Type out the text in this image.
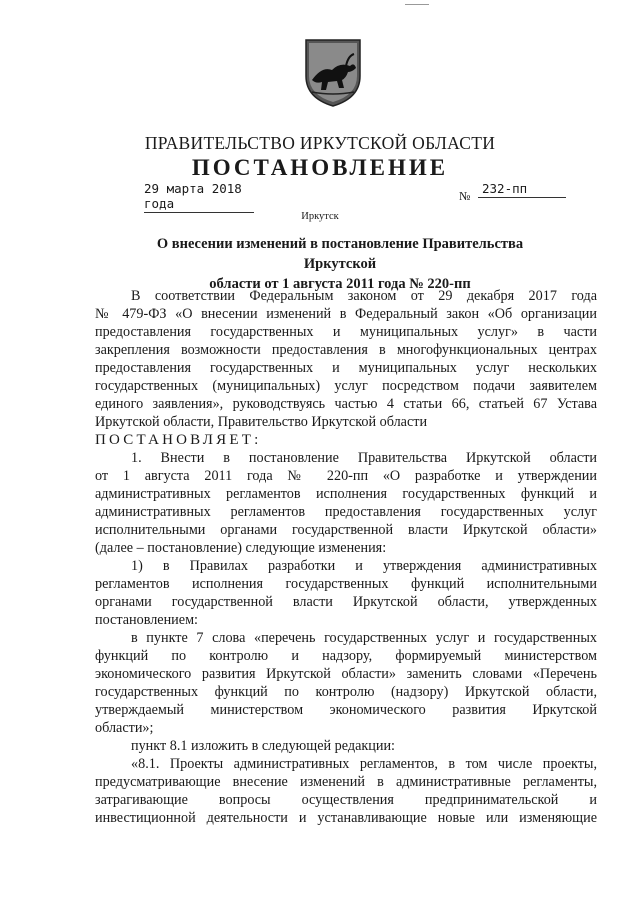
ПРАВИТЕЛЬСТВО ИРКУТСКОЙ ОБЛАСТИ
ПОСТАНОВЛЕНИЕ
29 марта 2018 года	№ 232-пп
Иркутск
О внесении изменений в постановление Правительства Иркутской
области от 1 августа 2011 года № 220-пп
В соответствии Федеральным законом от 29 декабря 2017 года
№ 479-ФЗ «О внесении изменений в Федеральный закон «Об организации
предоставления государственных и муниципальных услуг» в части
закрепления возможности предоставления в многофункциональных центрах
предоставления государственных и муниципальных услуг нескольких
государственных (муниципальных) услуг посредством подачи заявителем
единого заявления», руководствуясь частью 4 статьи 66, статьей 67 Устава
Иркутской области, Правительство Иркутской области
ПОСТАНОВЛЯЕТ:
1. Внести в постановление Правительства Иркутской области
от 1 августа 2011 года № 220-пп «О разработке и утверждении
административных регламентов исполнения государственных функций и
административных регламентов предоставления государственных услуг
исполнительными органами государственной власти Иркутской области»
(далее – постановление) следующие изменения:
1) в Правилах разработки и утверждения административных
регламентов исполнения государственных функций исполнительными
органами государственной власти Иркутской области, утвержденных
постановлением:
в пункте 7 слова «перечень государственных услуг и государственных
функций по контролю и надзору, формируемый министерством
экономического развития Иркутской области» заменить словами «Перечень
государственных функций по контролю (надзору) Иркутской области,
утверждаемый министерством экономического развития Иркутской
области»;
пункт 8.1 изложить в следующей редакции:
«8.1. Проекты административных регламентов, в том числе проекты,
предусматривающие внесение изменений в административные регламенты,
затрагивающие вопросы осуществления предпринимательской и
инвестиционной деятельности и устанавливающие новые или изменяющие
